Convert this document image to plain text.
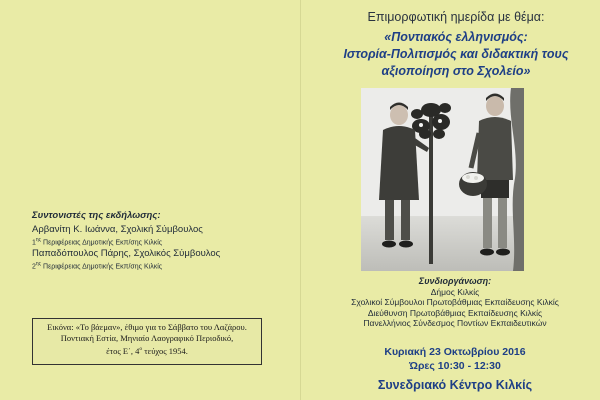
Επιμορφωτική ημερίδα με θέμα:
«Ποντιακός ελληνισμός:
Ιστορία-Πολιτισμός και διδακτική τους
αξιοποίηση στο Σχολείο»
Συνδιοργάνωση:
Δήμος Κιλκίς
Σχολικοί Σύμβουλοι Πρωτοβάθμιας Εκπαίδευσης Κιλκίς
Διεύθυνση Πρωτοβάθμιας Εκπαίδευσης Κιλκίς
Πανελλήνιος Σύνδεσμος Ποντίων Εκπαιδευτικών
Κυριακή 23 Οκτωβρίου 2016
Ώρες 10:30 - 12:30
Συνεδριακό Κέντρο Κιλκίς
Συντονιστές της εκδήλωσης:
Αρβανίτη Κ. Ιωάννα, Σχολική Σύμβουλος
$1^{\eta\varsigma}$ Περιφέρειας Δημοτικής Εκπ/σης Κιλκίς
Παπαδόπουλος Πάρης, Σχολικός Σύμβουλος
$2^{\eta\varsigma}$ Περιφέρειας Δημοτικής Εκπ/σης Κιλκίς
Εικόνα: «Το βάεμαν», έθιμο για το Σάββατο του Λαζάρου.
Ποντιακή Εστία, Μηνιαίο Λαογραφικό Περιοδικό,
έτος Ε΄, $4^o$ τεύχος 1954.
